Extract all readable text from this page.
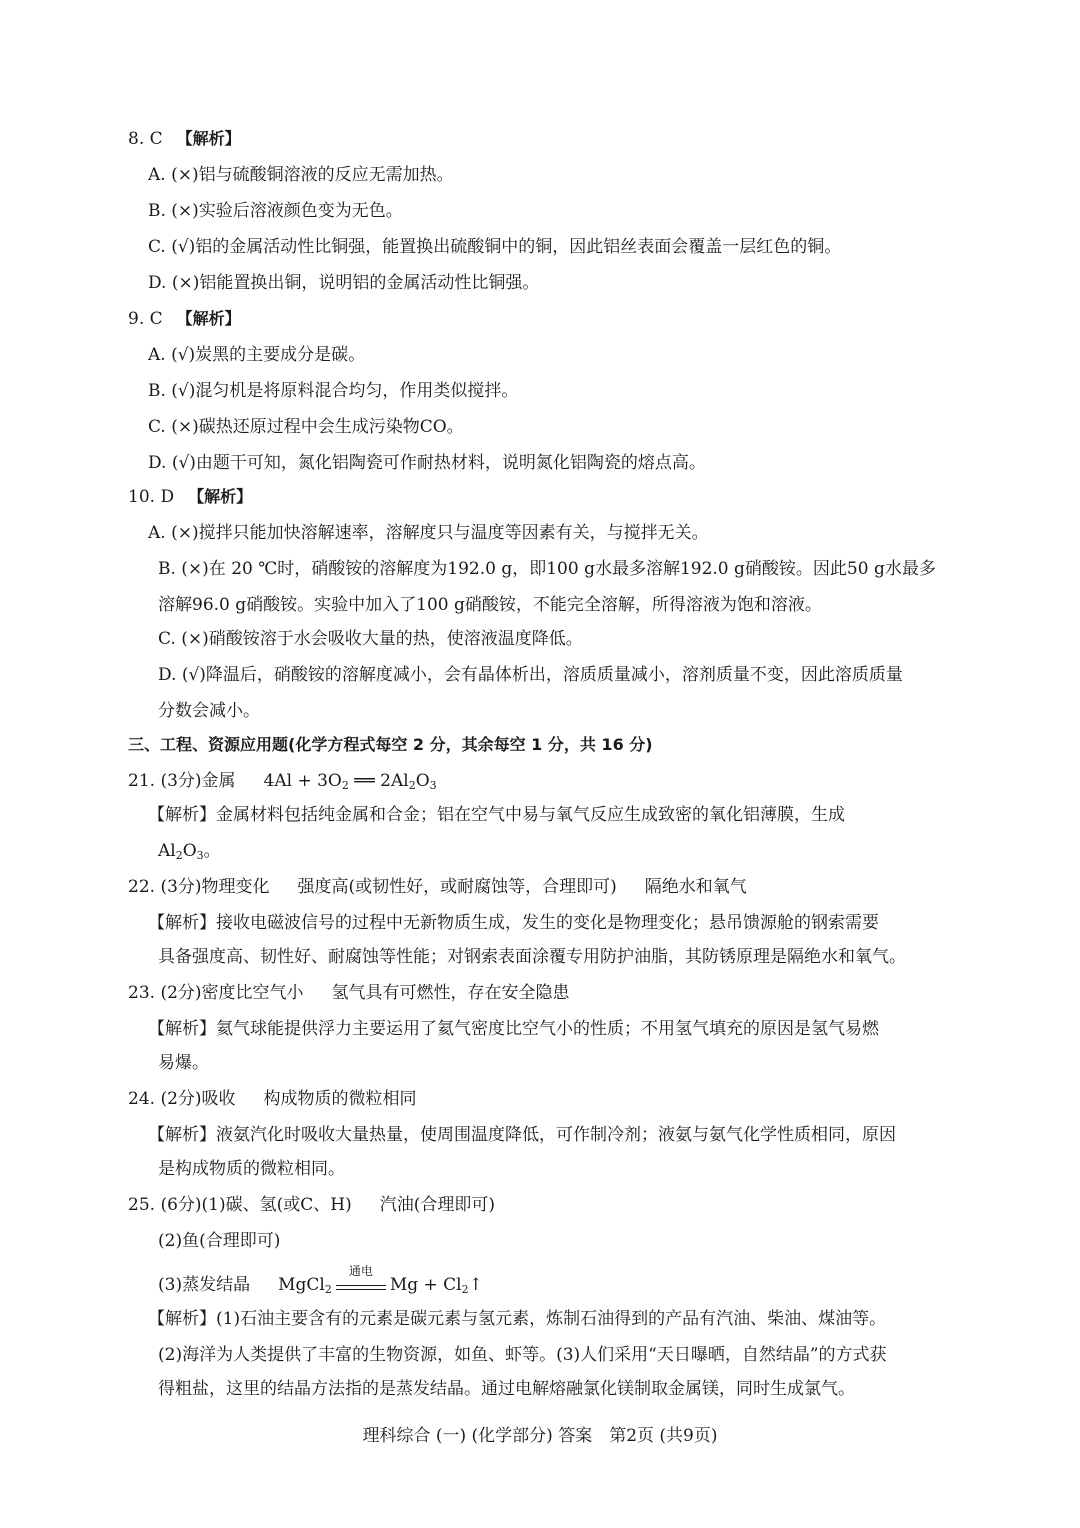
8. C 【解析】
A. (×)铝与硫酸铜溶液的反应无需加热。
B. (×)实验后溶液颜色变为无色。
C. (√)铝的金属活动性比铜强，能置换出硫酸铜中的铜，因此铝丝表面会覆盖一层红色的铜。
D. (×)铝能置换出铜，说明铝的金属活动性比铜强。
9. C 【解析】
A. (√)炭黑的主要成分是碳。
B. (√)混匀机是将原料混合均匀，作用类似搅拌。
C. (×)碳热还原过程中会生成污染物CO。
D. (√)由题干可知，氮化铝陶瓷可作耐热材料，说明氮化铝陶瓷的熔点高。
10. D 【解析】
A. (×)搅拌只能加快溶解速率，溶解度只与温度等因素有关，与搅拌无关。
B. (×)在 20 ℃时，硝酸铵的溶解度为192.0 g，即100 g水最多溶解192.0 g硝酸铵。因此50 g水最多
溶解96.0 g硝酸铵。实验中加入了100 g硝酸铵，不能完全溶解，所得溶液为饱和溶液。
C. (×)硝酸铵溶于水会吸收大量的热，使溶液温度降低。
D. (√)降温后，硝酸铵的溶解度减小，会有晶体析出，溶质质量减小，溶剂质量不变，因此溶质质量
分数会减小。
三、工程、资源应用题(化学方程式每空 2 分，其余每空 1 分，共 16 分)
21. (3分)金属 $4Al + 3O_2$ ══ $2Al_2O_3$
【解析】金属材料包括纯金属和合金；铝在空气中易与氧气反应生成致密的氧化铝薄膜，生成
$Al_2O_3$。
22. (3分)物理变化 强度高(或韧性好，或耐腐蚀等，合理即可) 隔绝水和氧气
【解析】接收电磁波信号的过程中无新物质生成，发生的变化是物理变化；悬吊馈源舱的钢索需要
具备强度高、韧性好、耐腐蚀等性能；对钢索表面涂覆专用防护油脂，其防锈原理是隔绝水和氧气。
23. (2分)密度比空气小 氢气具有可燃性，存在安全隐患
【解析】氦气球能提供浮力主要运用了氦气密度比空气小的性质；不用氢气填充的原因是氢气易燃
易爆。
24. (2分)吸收 构成物质的微粒相同
【解析】液氨汽化时吸收大量热量，使周围温度降低，可作制冷剂；液氨与氨气化学性质相同，原因
是构成物质的微粒相同。
25. (6分)(1)碳、氢(或C、H) 汽油(合理即可)
(2)鱼(合理即可)
(3)蒸发结晶 MgCl$_2$
通电
$Mg + Cl_2↑$
【解析】(1)石油主要含有的元素是碳元素与氢元素，炼制石油得到的产品有汽油、柴油、煤油等。
(2)海洋为人类提供了丰富的生物资源，如鱼、虾等。(3)人们采用“天日曝晒，自然结晶”的方式获
得粗盐，这里的结晶方法指的是蒸发结晶。通过电解熔融氯化镁制取金属镁，同时生成氯气。
理科综合 (一) (化学部分) 答案　第2页 (共9页)
